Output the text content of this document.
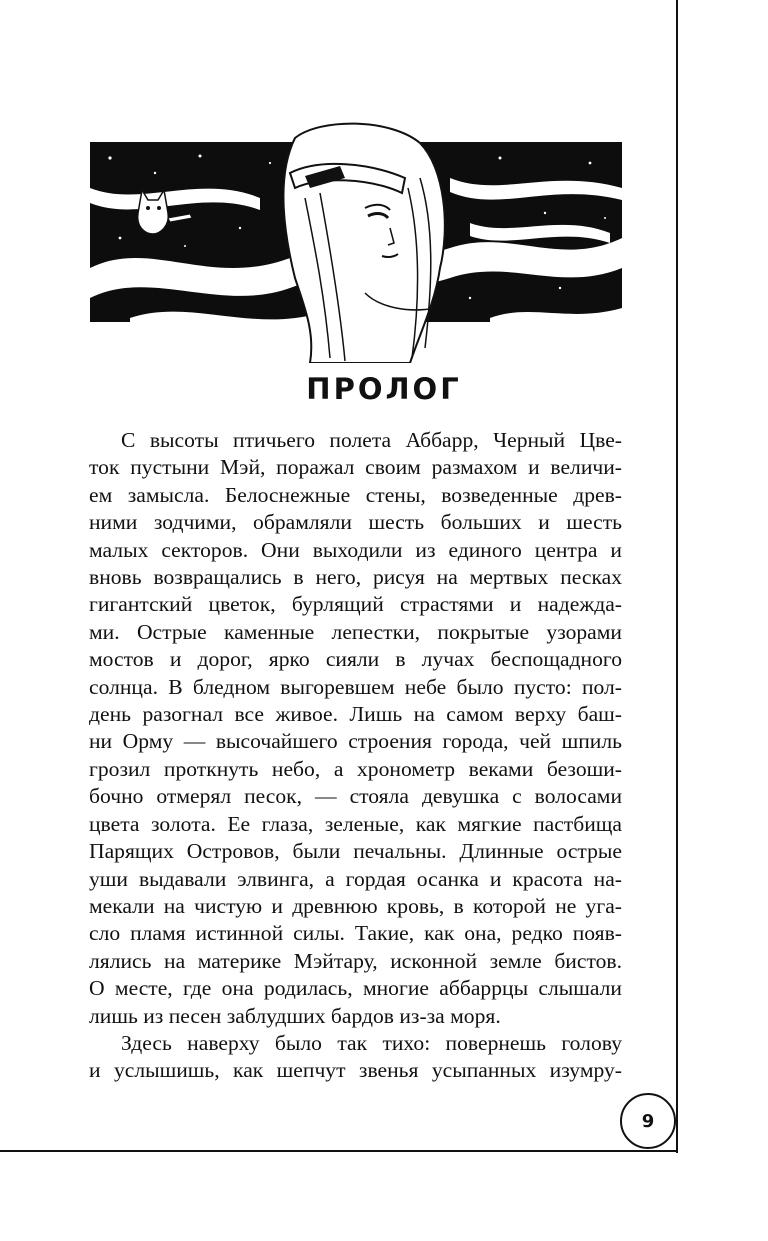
ПРОЛОГ
С высоты птичьего полета Аббарр, Черный Цве-
ток пустыни Мэй, поражал своим размахом и величи-
ем замысла. Белоснежные стены, возведенные древ-
ними зодчими, обрамляли шесть больших и шесть
малых секторов. Они выходили из единого центра и
вновь возвращались в него, рисуя на мертвых песках
гигантский цветок, бурлящий страстями и надежда-
ми. Острые каменные лепестки, покрытые узорами
мостов и дорог, ярко сияли в лучах беспощадного
солнца. В бледном выгоревшем небе было пусто: пол-
день разогнал все живое. Лишь на самом верху баш-
ни Орму — высочайшего строения города, чей шпиль
грозил проткнуть небо, а хронометр веками безоши-
бочно отмерял песок, — стояла девушка с волосами
цвета золота. Ее глаза, зеленые, как мягкие пастбища
Парящих Островов, были печальны. Длинные острые
уши выдавали элвинга, а гордая осанка и красота на-
мекали на чистую и древнюю кровь, в которой не уга-
сло пламя истинной силы. Такие, как она, редко появ-
лялись на материке Мэйтару, исконной земле бистов.
О месте, где она родилась, многие аббаррцы слышали
лишь из песен заблудших бардов из-за моря.
Здесь наверху было так тихо: повернешь голову
и услышишь, как шепчут звенья усыпанных изумру-
9
